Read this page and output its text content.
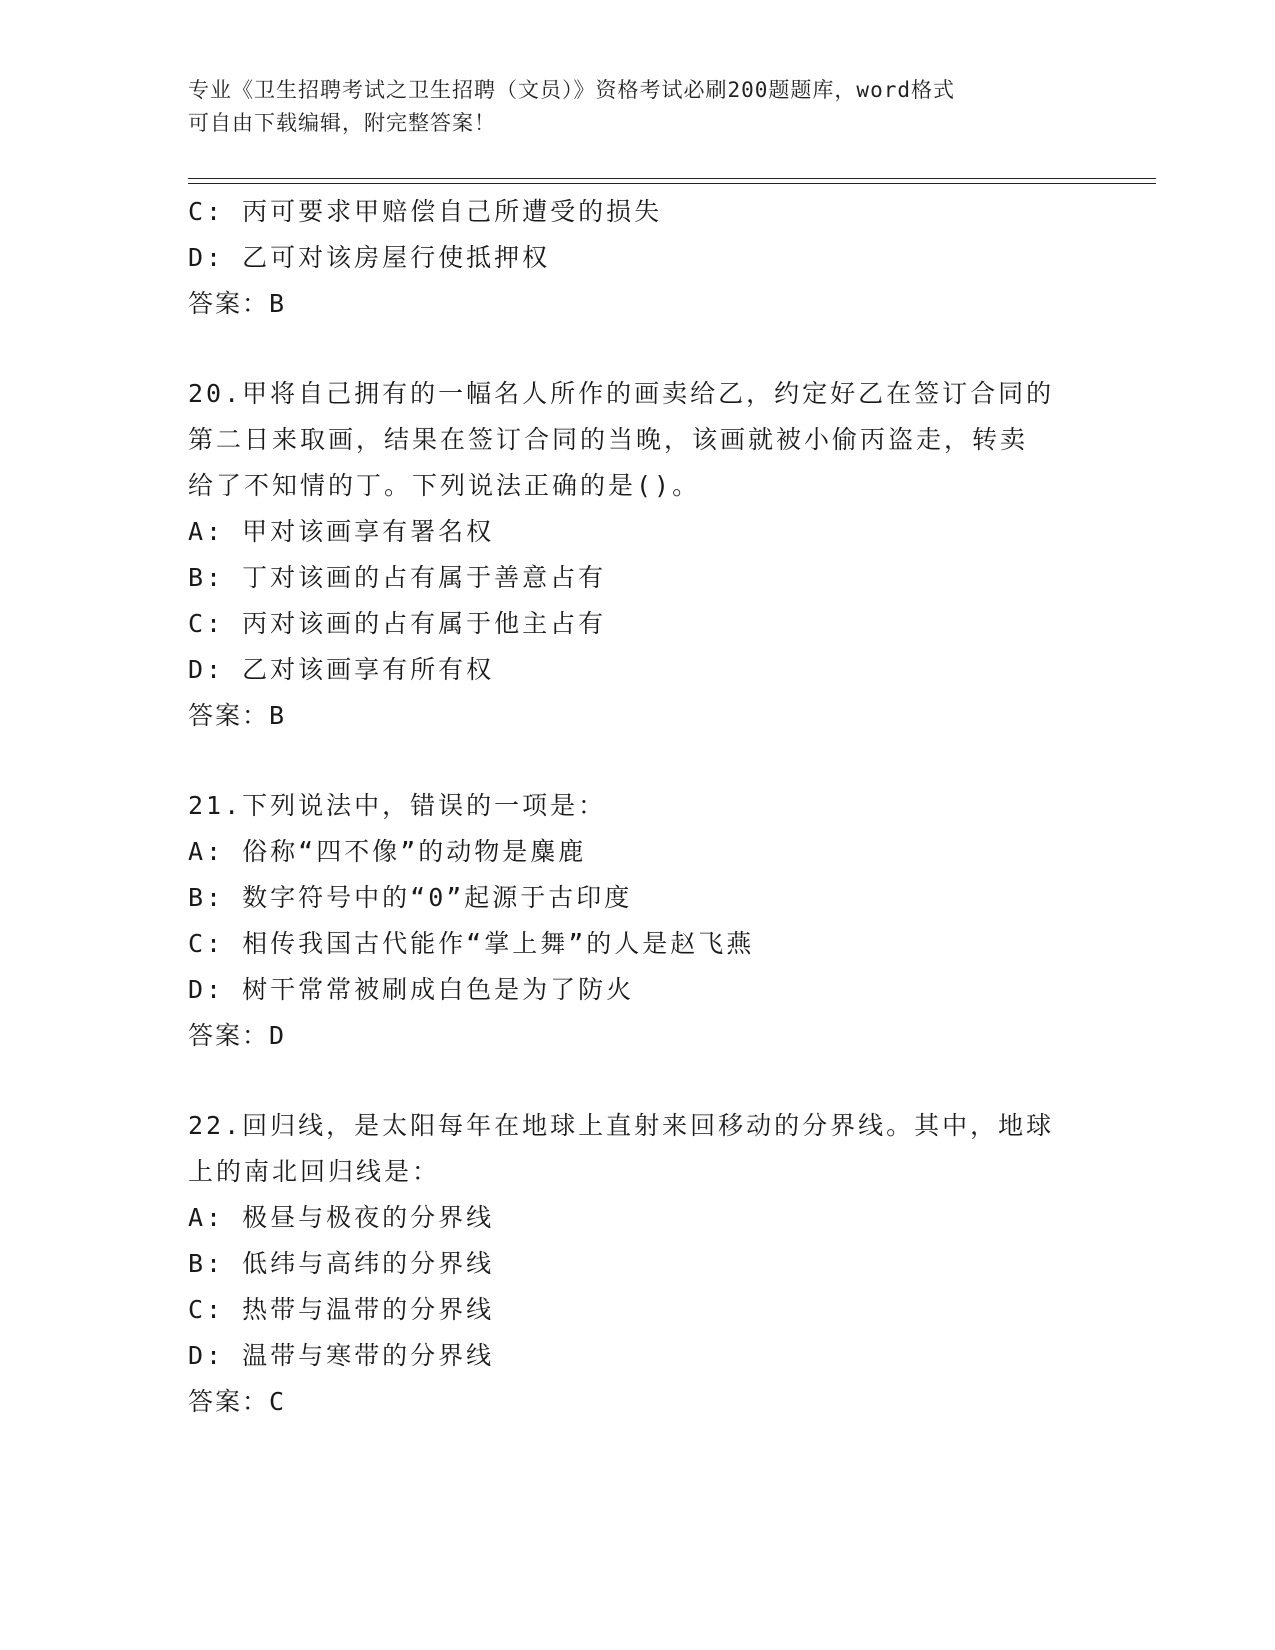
专业《卫生招聘考试之卫生招聘（文员）》资格考试必刷200题题库，word格式
可自由下载编辑，附完整答案！
C: 丙可要求甲赔偿自己所遭受的损失
D: 乙可对该房屋行使抵押权
答案：B
20.甲将自己拥有的一幅名人所作的画卖给乙，约定好乙在签订合同的
第二日来取画，结果在签订合同的当晚，该画就被小偷丙盗走，转卖
给了不知情的丁。下列说法正确的是()。
A: 甲对该画享有署名权
B: 丁对该画的占有属于善意占有
C: 丙对该画的占有属于他主占有
D: 乙对该画享有所有权
答案：B
21.下列说法中，错误的一项是：
A: 俗称“四不像”的动物是麋鹿
B: 数字符号中的“0”起源于古印度
C: 相传我国古代能作“掌上舞”的人是赵飞燕
D: 树干常常被刷成白色是为了防火
答案：D
22.回归线，是太阳每年在地球上直射来回移动的分界线。其中，地球
上的南北回归线是：
A: 极昼与极夜的分界线
B: 低纬与高纬的分界线
C: 热带与温带的分界线
D: 温带与寒带的分界线
答案：C
